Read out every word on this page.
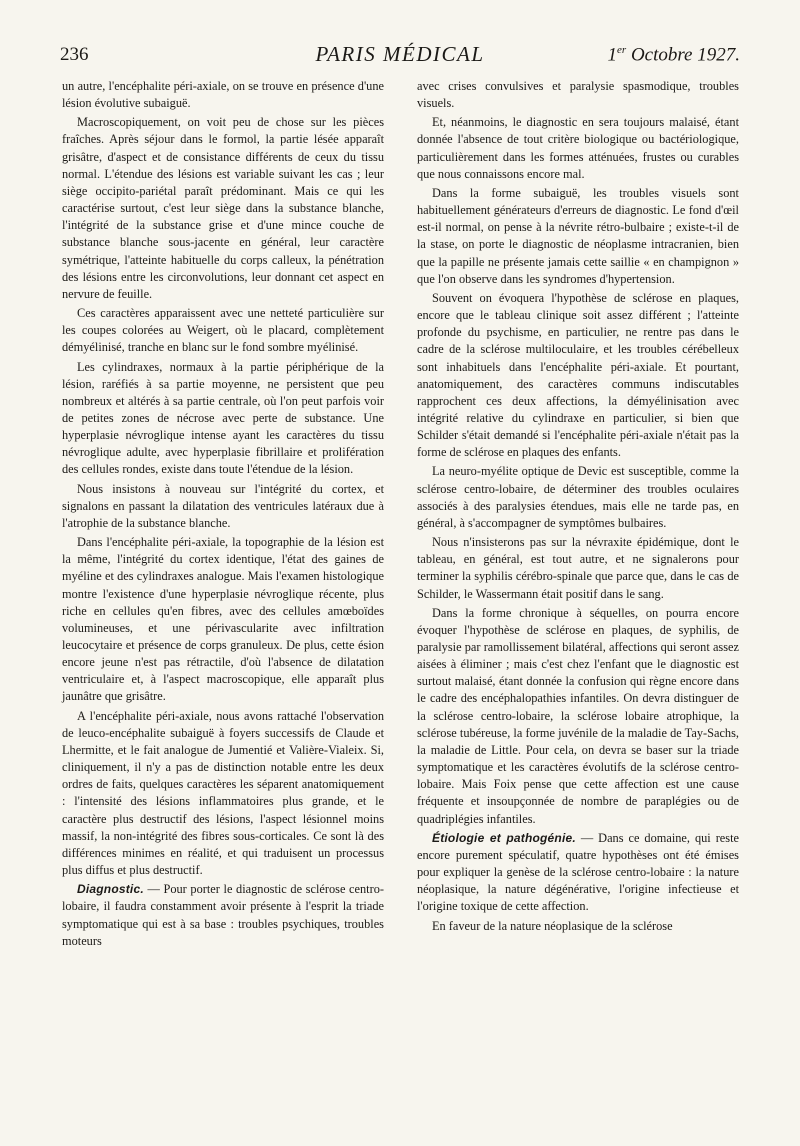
236	PARIS MÉDICAL	1er Octobre 1927.

un autre, l'encéphalite péri-axiale, on se trouve en présence d'une lésion évolutive subaiguë.

Macroscopiquement, on voit peu de chose sur les pièces fraîches. Après séjour dans le formol, la partie lésée apparaît grisâtre, d'aspect et de consistance différents de ceux du tissu normal. L'étendue des lésions est variable suivant les cas ; leur siège occipito-pariétal paraît prédominant. Mais ce qui les caractérise surtout, c'est leur siège dans la substance blanche, l'intégrité de la substance grise et d'une mince couche de substance blanche sous-jacente en général, leur caractère symétrique, l'atteinte habituelle du corps calleux, la pénétration des lésions entre les circonvolutions, leur donnant cet aspect en nervure de feuille.

Ces caractères apparaissent avec une netteté particulière sur les coupes colorées au Weigert, où le placard, complètement démyélinisé, tranche en blanc sur le fond sombre myélinisé.

Les cylindraxes, normaux à la partie périphérique de la lésion, raréfiés à sa partie moyenne, ne persistent que peu nombreux et altérés à sa partie centrale, où l'on peut parfois voir de petites zones de nécrose avec perte de substance. Une hyperplasie névroglique intense ayant les caractères du tissu névroglique adulte, avec hyperplasie fibrillaire et prolifération des cellules rondes, existe dans toute l'étendue de la lésion.

Nous insistons à nouveau sur l'intégrité du cortex, et signalons en passant la dilatation des ventricules latéraux due à l'atrophie de la substance blanche.

Dans l'encéphalite péri-axiale, la topographie de la lésion est la même, l'intégrité du cortex identique, l'état des gaines de myéline et des cylindraxes analogue. Mais l'examen histologique montre l'existence d'une hyperplasie névroglique récente, plus riche en cellules qu'en fibres, avec des cellules amœboïdes volumineuses, et une périvascularite avec infiltration leucocytaire et présence de corps granuleux. De plus, cette ésion encore jeune n'est pas rétractile, d'où l'absence de dilatation ventriculaire et, à l'aspect macroscopique, elle apparaît plus jaunâtre que grisâtre.

A l'encéphalite péri-axiale, nous avons rattaché l'observation de leuco-encéphalite subaiguë à foyers successifs de Claude et Lhermitte, et le fait analogue de Jumentié et Valière-Vialeix. Si, cliniquement, il n'y a pas de distinction notable entre les deux ordres de faits, quelques caractères les séparent anatomiquement : l'intensité des lésions inflammatoires plus grande, et le caractère plus destructif des lésions, l'aspect lésionnel moins massif, la non-intégrité des fibres sous-corticales. Ce sont là des différences minimes en réalité, et qui traduisent un processus plus diffus et plus destructif.

Diagnostic. — Pour porter le diagnostic de sclérose centro-lobaire, il faudra constamment avoir présente à l'esprit la triade symptomatique qui est à sa base : troubles psychiques, troubles moteurs

avec crises convulsives et paralysie spasmodique, troubles visuels.

Et, néanmoins, le diagnostic en sera toujours malaisé, étant donnée l'absence de tout critère biologique ou bactériologique, particulièrement dans les formes atténuées, frustes ou curables que nous connaissons encore mal.

Dans la forme subaiguë, les troubles visuels sont habituellement générateurs d'erreurs de diagnostic. Le fond d'œil est-il normal, on pense à la névrite rétro-bulbaire ; existe-t-il de la stase, on porte le diagnostic de néoplasme intracranien, bien que la papille ne présente jamais cette saillie « en champignon » que l'on observe dans les syndromes d'hypertension.

Souvent on évoquera l'hypothèse de sclérose en plaques, encore que le tableau clinique soit assez différent ; l'atteinte profonde du psychisme, en particulier, ne rentre pas dans le cadre de la sclérose multiloculaire, et les troubles cérébelleux sont inhabituels dans l'encéphalite péri-axiale. Et pourtant, anatomiquement, des caractères communs indiscutables rapprochent ces deux affections, la démyélinisation avec intégrité relative du cylindraxe en particulier, si bien que Schilder s'était demandé si l'encéphalite péri-axiale n'était pas la forme de sclérose en plaques des enfants.

La neuro-myélite optique de Devic est susceptible, comme la sclérose centro-lobaire, de déterminer des troubles oculaires associés à des paralysies étendues, mais elle ne tarde pas, en général, à s'accompagner de symptômes bulbaires.

Nous n'insisterons pas sur la névraxite épidémique, dont le tableau, en général, est tout autre, et ne signalerons pour terminer la syphilis cérébro-spinale que parce que, dans le cas de Schilder, le Wassermann était positif dans le sang.

Dans la forme chronique à séquelles, on pourra encore évoquer l'hypothèse de sclérose en plaques, de syphilis, de paralysie par ramollissement bilatéral, affections qui seront assez aisées à éliminer ; mais c'est chez l'enfant que le diagnostic est surtout malaisé, étant donnée la confusion qui règne encore dans le cadre des encéphalopathies infantiles. On devra distinguer de la sclérose centro-lobaire, la sclérose lobaire atrophique, la sclérose tubéreuse, la forme juvénile de la maladie de Tay-Sachs, la maladie de Little. Pour cela, on devra se baser sur la triade symptomatique et les caractères évolutifs de la sclérose centro-lobaire. Mais Foix pense que cette affection est une cause fréquente et insoupçonnée de nombre de paraplégies ou de quadriplégies infantiles.

Étiologie et pathogénie. — Dans ce domaine, qui reste encore purement spéculatif, quatre hypothèses ont été émises pour expliquer la genèse de la sclérose centro-lobaire : la nature néoplasique, la nature dégénérative, l'origine infectieuse et l'origine toxique de cette affection.

En faveur de la nature néoplasique de la sclérose
